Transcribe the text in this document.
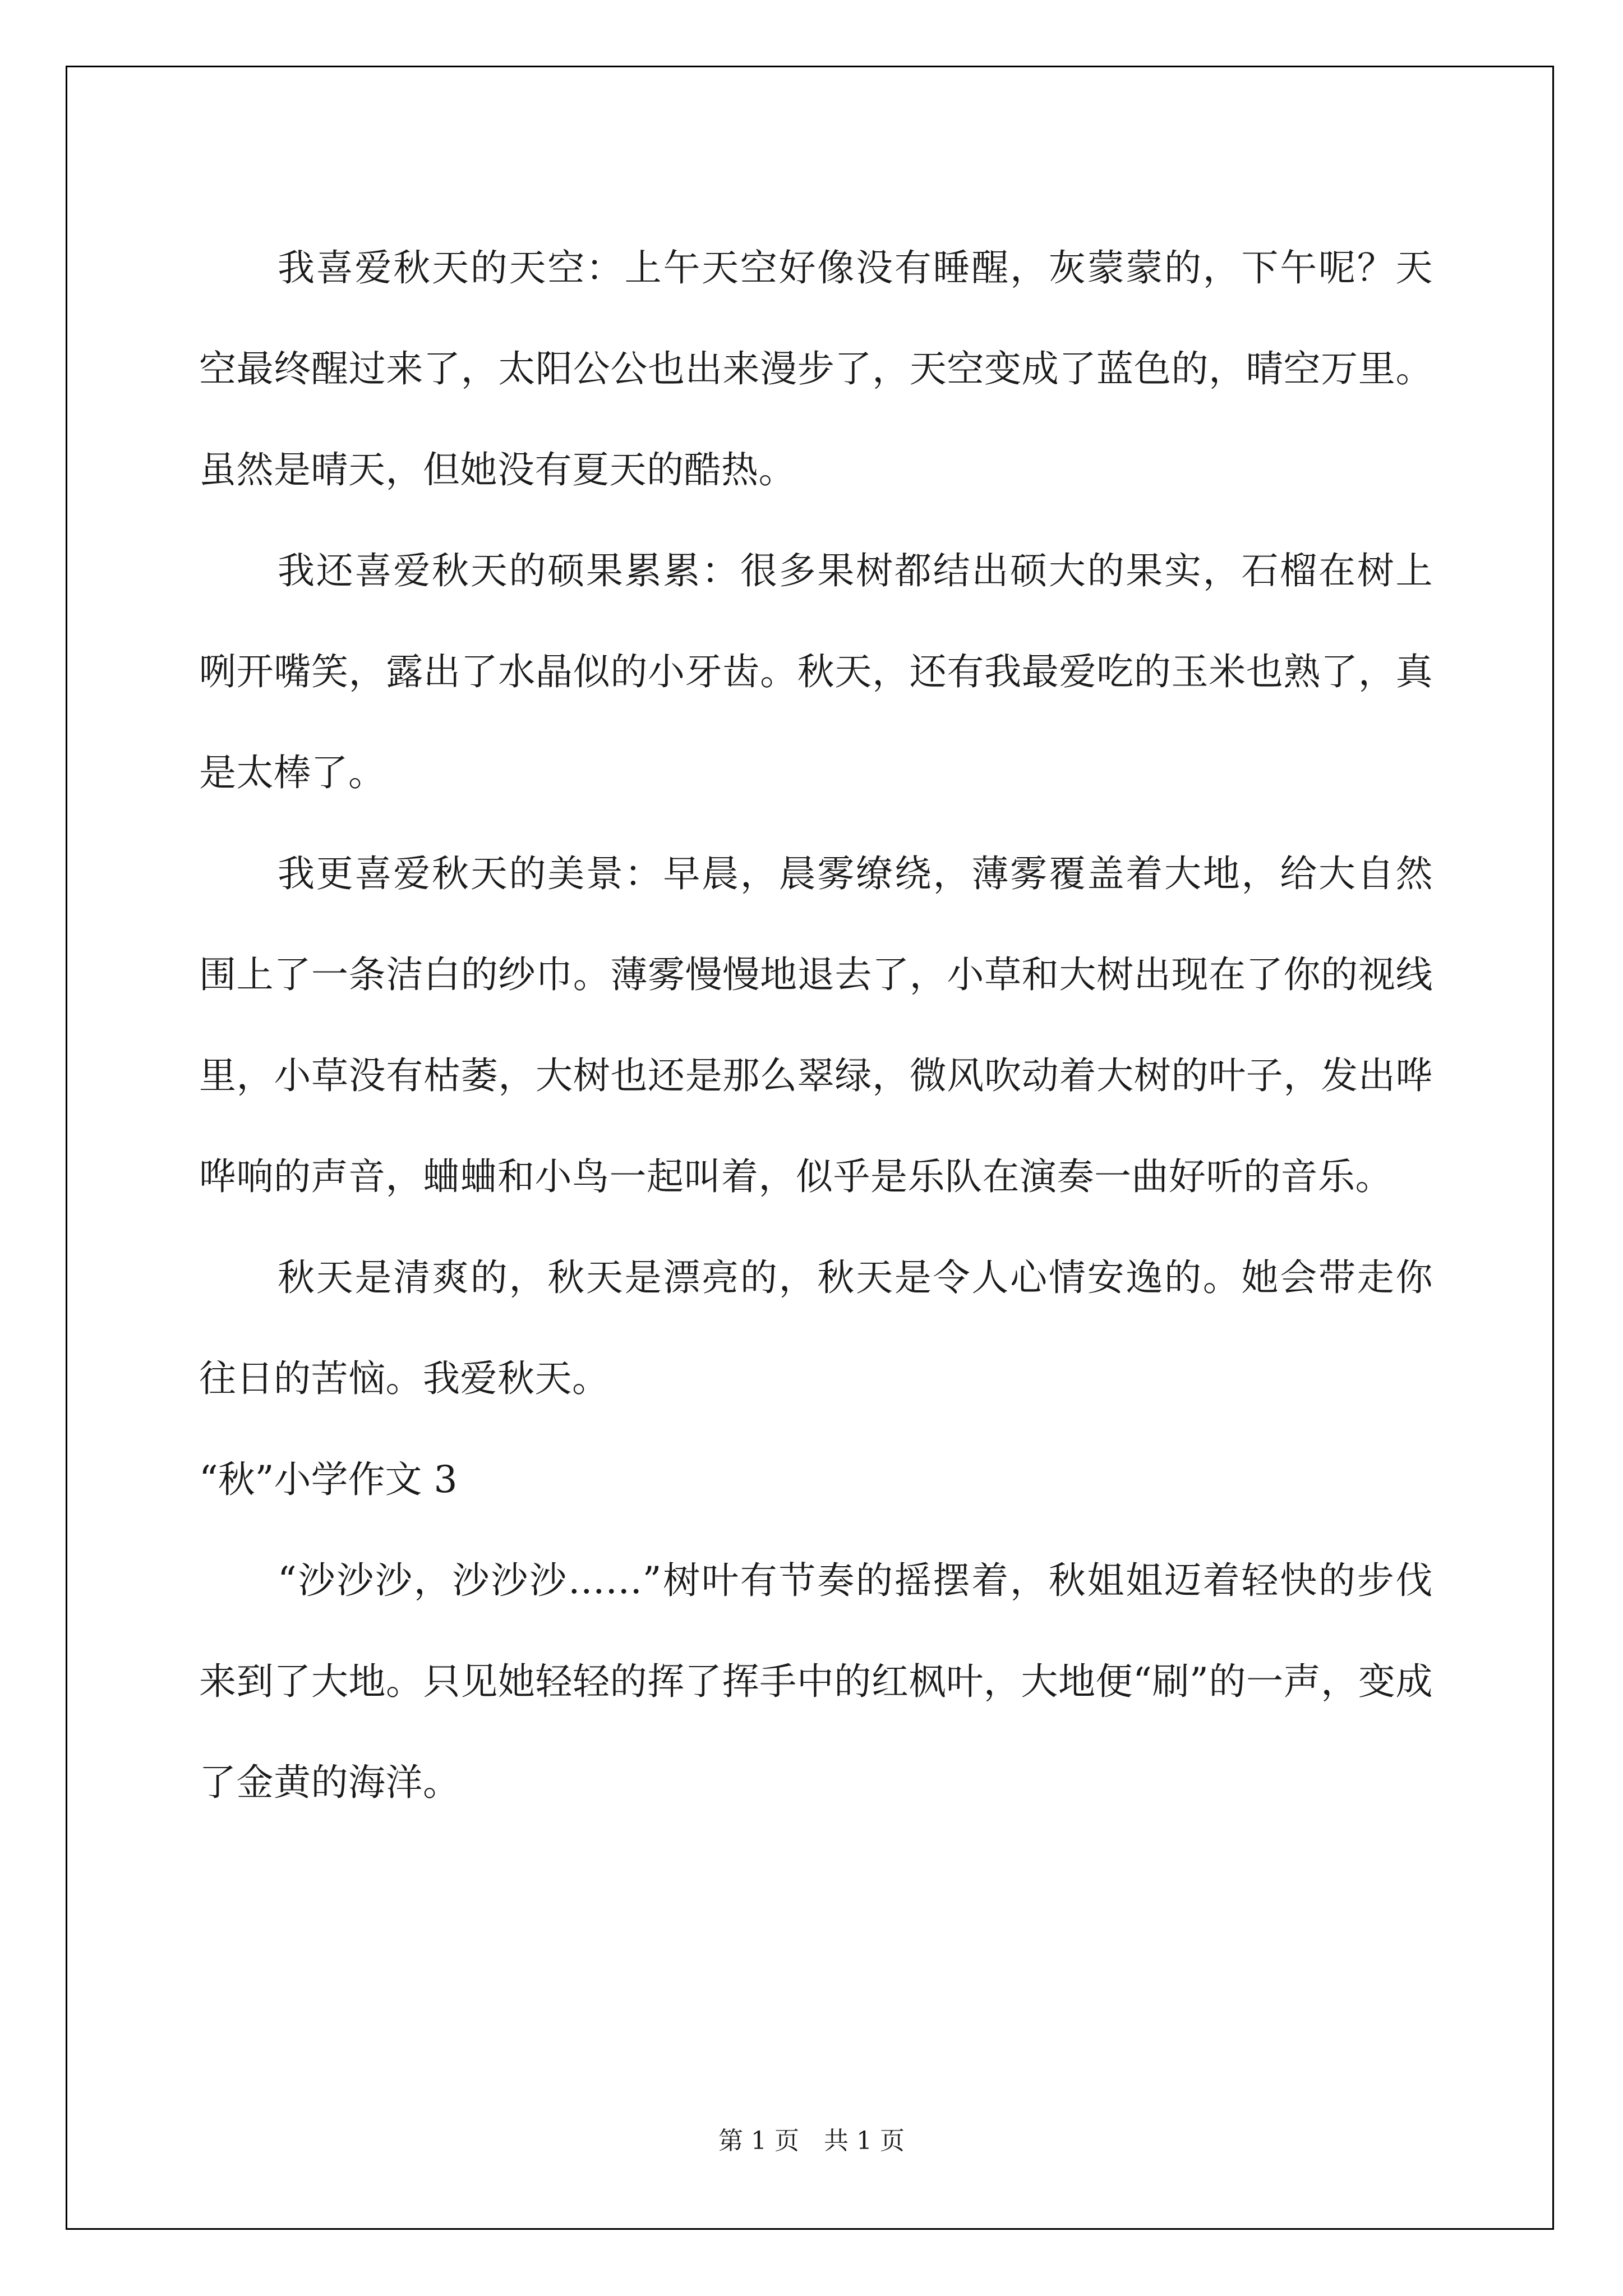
我喜爱秋天的天空：上午天空好像没有睡醒，灰蒙蒙的，下午呢？天空最终醒过来了，太阳公公也出来漫步了，天空变成了蓝色的，晴空万里。虽然是晴天，但她没有夏天的酷热。

我还喜爱秋天的硕果累累：很多果树都结出硕大的果实，石榴在树上咧开嘴笑，露出了水晶似的小牙齿。秋天，还有我最爱吃的玉米也熟了，真是太棒了。

我更喜爱秋天的美景：早晨，晨雾缭绕，薄雾覆盖着大地，给大自然围上了一条洁白的纱巾。薄雾慢慢地退去了，小草和大树出现在了你的视线里，小草没有枯萎，大树也还是那么翠绿，微风吹动着大树的叶子，发出哗哗响的声音，蛐蛐和小鸟一起叫着，似乎是乐队在演奏一曲好听的音乐。

秋天是清爽的，秋天是漂亮的，秋天是令人心情安逸的。她会带走你往日的苦恼。我爱秋天。

“秋”小学作文 3

“沙沙沙，沙沙沙……”树叶有节奏的摇摆着，秋姐姐迈着轻快的步伐来到了大地。只见她轻轻的挥了挥手中的红枫叶，大地便“刷”的一声，变成了金黄的海洋。

第 1 页　共 1 页
